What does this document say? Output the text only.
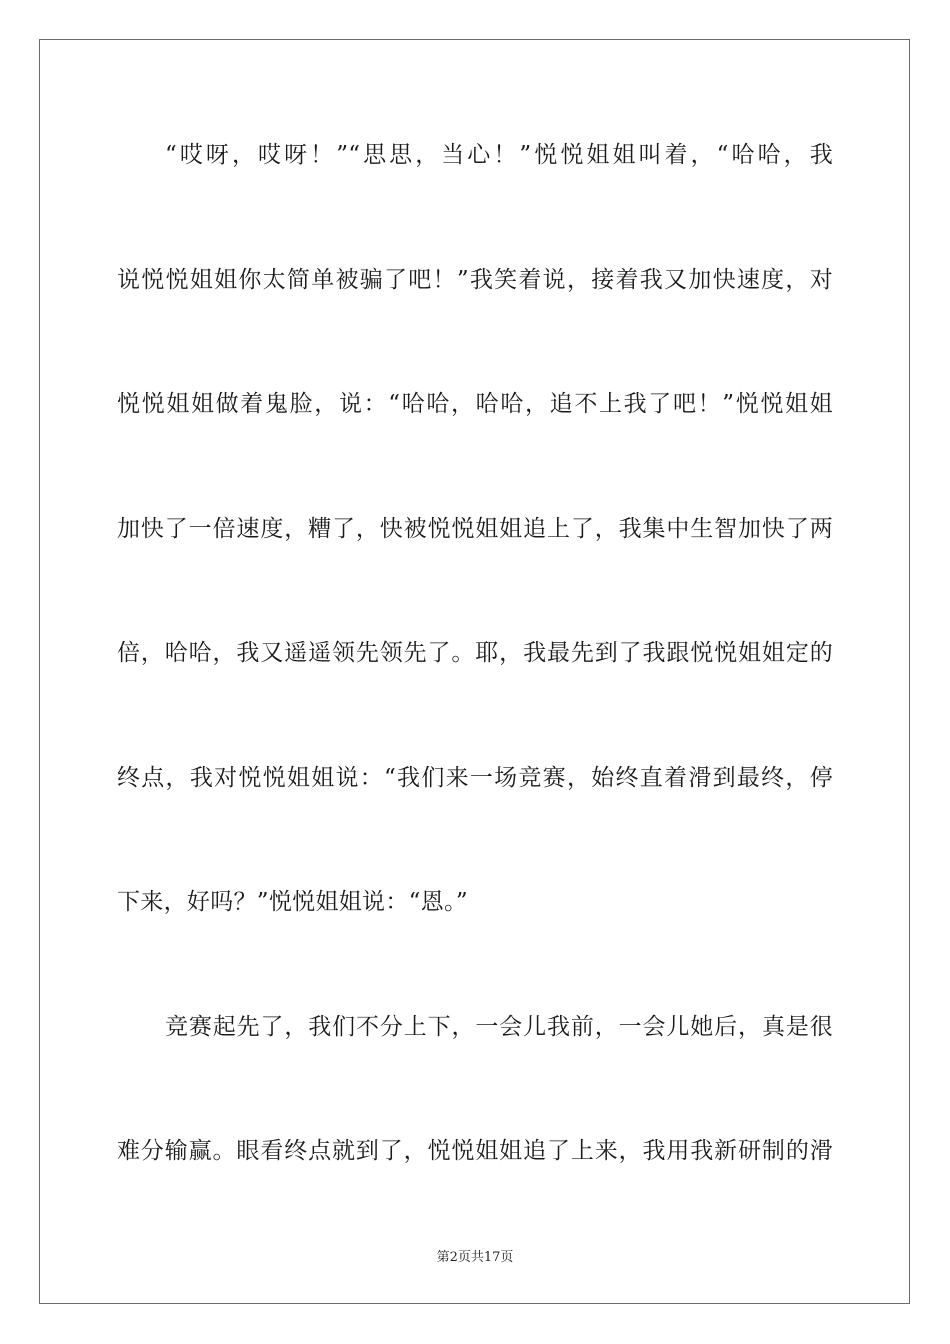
“哎呀，哎呀！”“思思，当心！”悦悦姐姐叫着，“哈哈，我
说悦悦姐姐你太简单被骗了吧！”我笑着说，接着我又加快速度，对
悦悦姐姐做着鬼脸，说：“哈哈，哈哈，追不上我了吧！”悦悦姐姐
加快了一倍速度，糟了，快被悦悦姐姐追上了，我集中生智加快了两
倍，哈哈，我又遥遥领先领先了。耶，我最先到了我跟悦悦姐姐定的
终点，我对悦悦姐姐说：“我们来一场竞赛，始终直着滑到最终，停
下来，好吗？”悦悦姐姐说：“恩。”
竞赛起先了，我们不分上下，一会儿我前，一会儿她后，真是很
难分输赢。眼看终点就到了，悦悦姐姐追了上来，我用我新研制的滑
第2页共17页
